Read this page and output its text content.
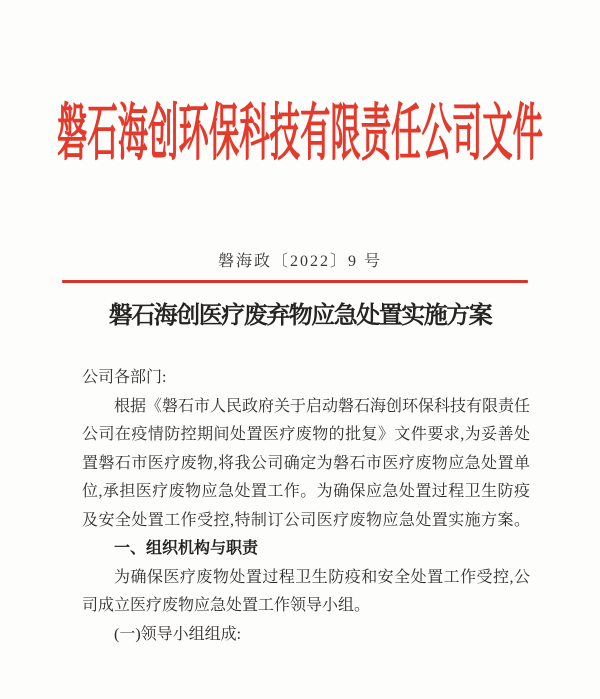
磐石海创环保科技有限责任公司文件
磐海政〔2022〕9 号
磐石海创医疗废弃物应急处置实施方案
公司各部门:
根据《磐石市人民政府关于启动磐石海创环保科技有限责任
公司在疫情防控期间处置医疗废物的批复》文件要求,为妥善处
置磐石市医疗废物,将我公司确定为磐石市医疗废物应急处置单
位,承担医疗废物应急处置工作。为确保应急处置过程卫生防疫
及安全处置工作受控,特制订公司医疗废物应急处置实施方案。
一、组织机构与职责
为确保医疗废物处置过程卫生防疫和安全处置工作受控,公
司成立医疗废物应急处置工作领导小组。
(一)领导小组组成:
